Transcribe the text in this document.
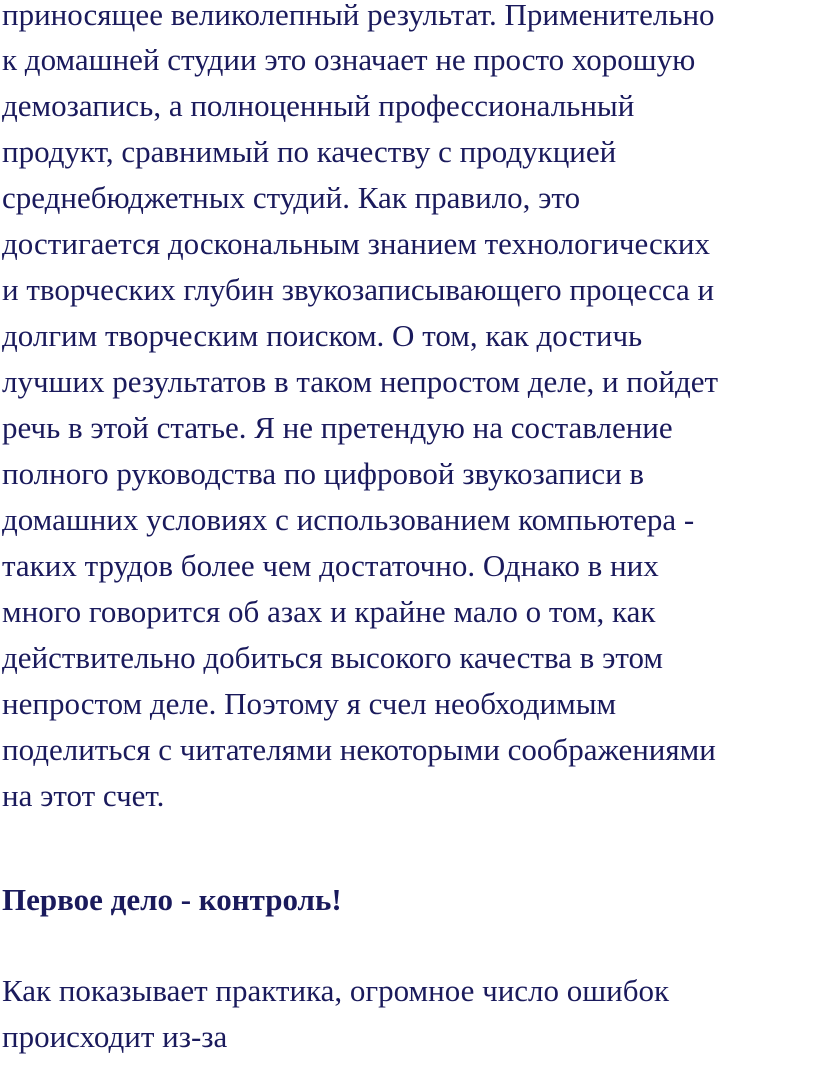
приносящее великолепный результат. Применительно
к домашней студии это означает не просто хорошую
демозапись, а полноценный профессиональный
продукт, сравнимый по качеству с продукцией
среднебюджетных студий. Как правило, это
достигается доскональным знанием технологических
и творческих глубин звукозаписывающего процесса и
долгим творческим поиском. О том, как достичь
лучших результатов в таком непростом деле, и пойдет
речь в этой статье. Я не претендую на составление
полного руководства по цифровой звукозаписи в
домашних условиях с использованием компьютера -
таких трудов более чем достаточно. Однако в них
много говорится об азах и крайне мало о том, как
действительно добиться высокого качества в этом
непростом деле. Поэтому я счел необходимым
поделиться с читателями некоторыми соображениями
на этот счет.
Первое дело - контроль!
Как показывает практика, огромное число ошибок
происходит из-за
